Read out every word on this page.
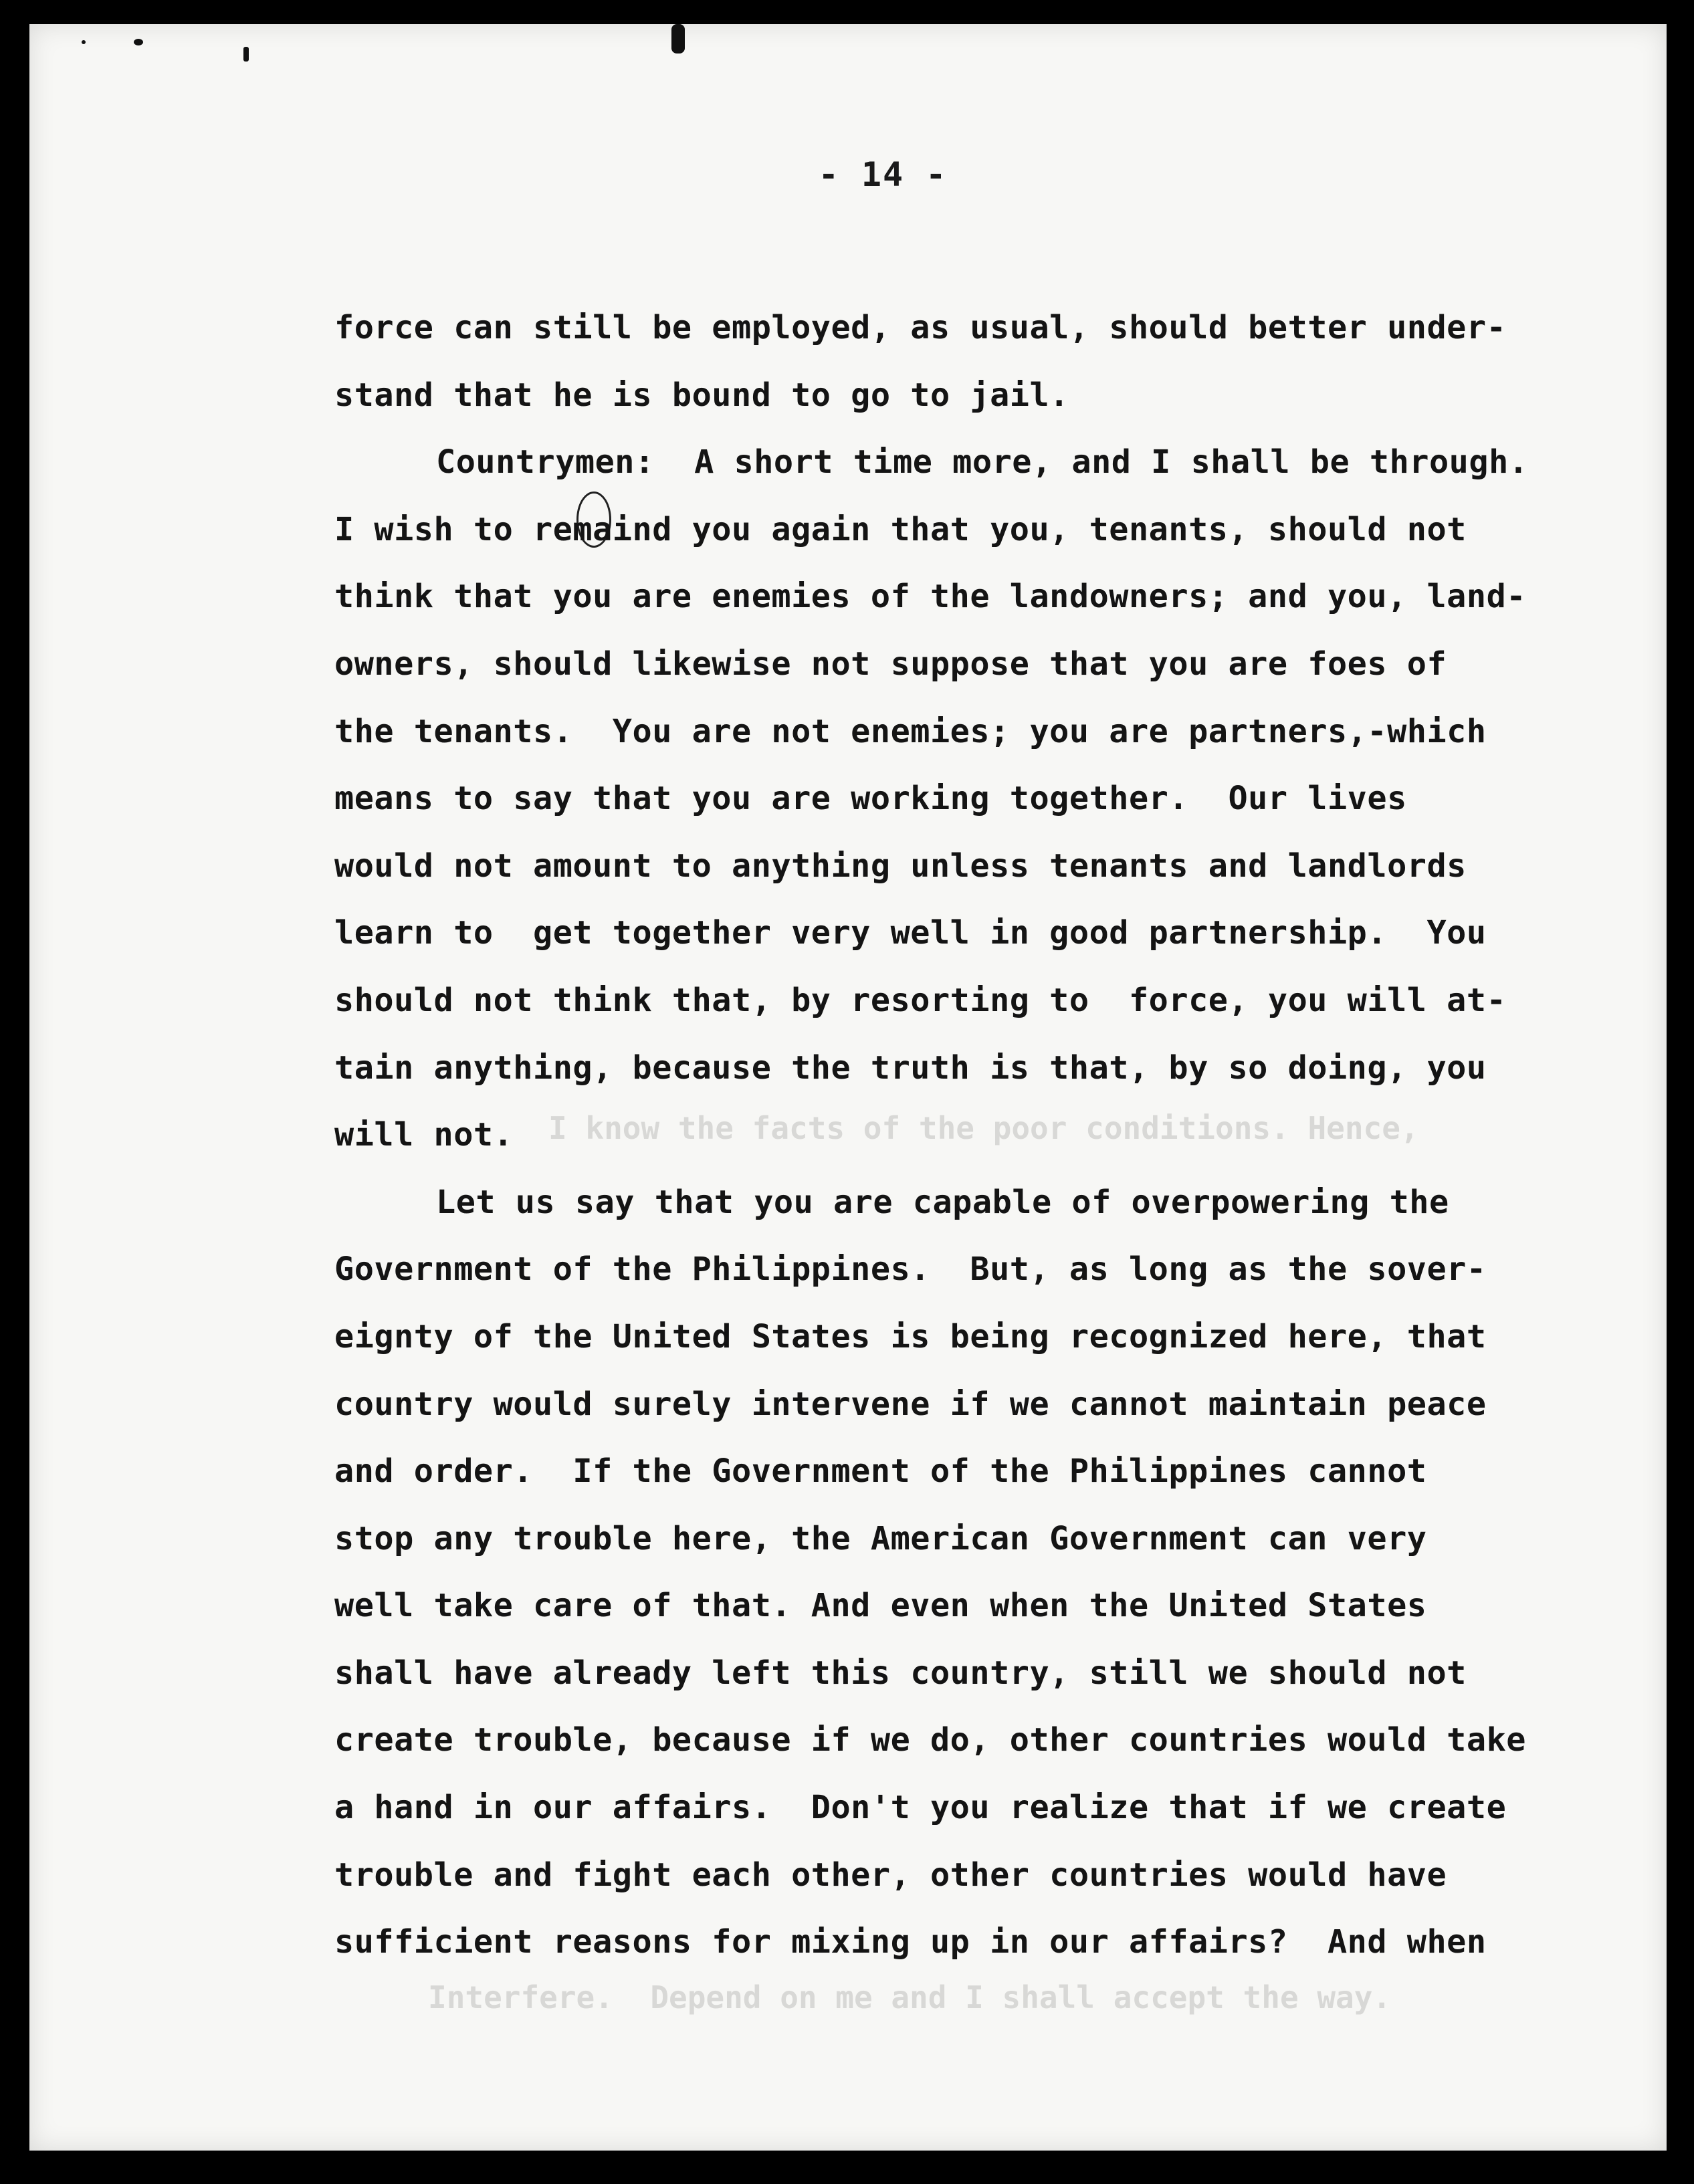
I know the facts of the poor conditions. Hence,
Interfere.  Depend on me and I shall accept the way.
- 14 -
force can still be employed, as usual, should better under-
stand that he is bound to go to jail.
Countrymen:  A short time more, and I shall be through.
I wish to remaind you again that you, tenants, should not
think that you are enemies of the landowners; and you, land-
owners, should likewise not suppose that you are foes of
the tenants.  You are not enemies; you are partners,-which
means to say that you are working together.  Our lives
would not amount to anything unless tenants and landlords
learn to  get together very well in good partnership.  You
should not think that, by resorting to  force, you will at-
tain anything, because the truth is that, by so doing, you
will not.
Let us say that you are capable of overpowering the
Government of the Philippines.  But, as long as the sover-
eignty of the United States is being recognized here, that
country would surely intervene if we cannot maintain peace
and order.  If the Government of the Philippines cannot
stop any trouble here, the American Government can very
well take care of that. And even when the United States
shall have already left this country, still we should not
create trouble, because if we do, other countries would take
a hand in our affairs.  Don't you realize that if we create
trouble and fight each other, other countries would have
sufficient reasons for mixing up in our affairs?  And when
